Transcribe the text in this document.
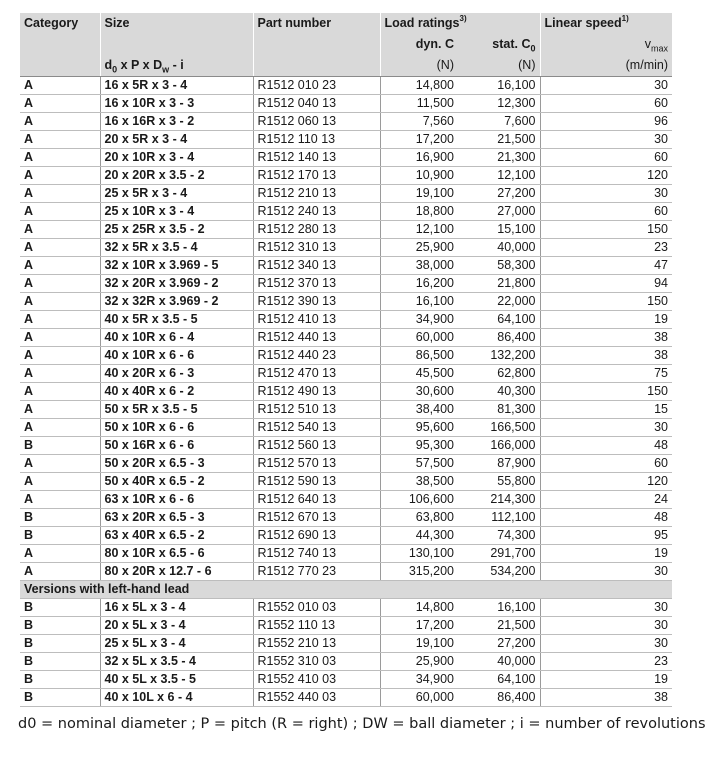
Category	Size	Part number	Load ratings$^{3)}$		Linear speed$^{1)}$
			dyn. C	stat. $C_0$	$v_{max}$
	$d_0$ x P x $D_w$ - i		(N)	(N)	(m/min)
A	16 x 5R x 3 - 4	R1512 010 23	14,800	16,100	30
A	16 x 10R x 3 - 3	R1512 040 13	11,500	12,300	60
A	16 x 16R x 3 - 2	R1512 060 13	7,560	7,600	96
A	20 x 5R x 3 - 4	R1512 110 13	17,200	21,500	30
A	20 x 10R x 3 - 4	R1512 140 13	16,900	21,300	60
A	20 x 20R x 3.5 - 2	R1512 170 13	10,900	12,100	120
A	25 x 5R x 3 - 4	R1512 210 13	19,100	27,200	30
A	25 x 10R x 3 - 4	R1512 240 13	18,800	27,000	60
A	25 x 25R x 3.5 - 2	R1512 280 13	12,100	15,100	150
A	32 x 5R x 3.5 - 4	R1512 310 13	25,900	40,000	23
A	32 x 10R x 3.969 - 5	R1512 340 13	38,000	58,300	47
A	32 x 20R x 3.969 - 2	R1512 370 13	16,200	21,800	94
A	32 x 32R x 3.969 - 2	R1512 390 13	16,100	22,000	150
A	40 x 5R x 3.5 - 5	R1512 410 13	34,900	64,100	19
A	40 x 10R x 6 - 4	R1512 440 13	60,000	86,400	38
A	40 x 10R x 6 - 6	R1512 440 23	86,500	132,200	38
A	40 x 20R x 6 - 3	R1512 470 13	45,500	62,800	75
A	40 x 40R x 6 - 2	R1512 490 13	30,600	40,300	150
A	50 x 5R x 3.5 - 5	R1512 510 13	38,400	81,300	15
A	50 x 10R x 6 - 6	R1512 540 13	95,600	166,500	30
B	50 x 16R x 6 - 6	R1512 560 13	95,300	166,000	48
A	50 x 20R x 6.5 - 3	R1512 570 13	57,500	87,900	60
A	50 x 40R x 6.5 - 2	R1512 590 13	38,500	55,800	120
A	63 x 10R x 6 - 6	R1512 640 13	106,600	214,300	24
B	63 x 20R x 6.5 - 3	R1512 670 13	63,800	112,100	48
B	63 x 40R x 6.5 - 2	R1512 690 13	44,300	74,300	95
A	80 x 10R x 6.5 - 6	R1512 740 13	130,100	291,700	19
A	80 x 20R x 12.7 - 6	R1512 770 23	315,200	534,200	30
Versions with left-hand lead					
B	16 x 5L x 3 - 4	R1552 010 03	14,800	16,100	30
B	20 x 5L x 3 - 4	R1552 110 13	17,200	21,500	30
B	25 x 5L x 3 - 4	R1552 210 13	19,100	27,200	30
B	32 x 5L x 3.5 - 4	R1552 310 03	25,900	40,000	23
B	40 x 5L x 3.5 - 5	R1552 410 03	34,900	64,100	19
B	40 x 10L x 6 - 4	R1552 440 03	60,000	86,400	38
d0 = nominal diameter ; P = pitch (R = right) ; DW = ball diameter ; i = number of revolutions
